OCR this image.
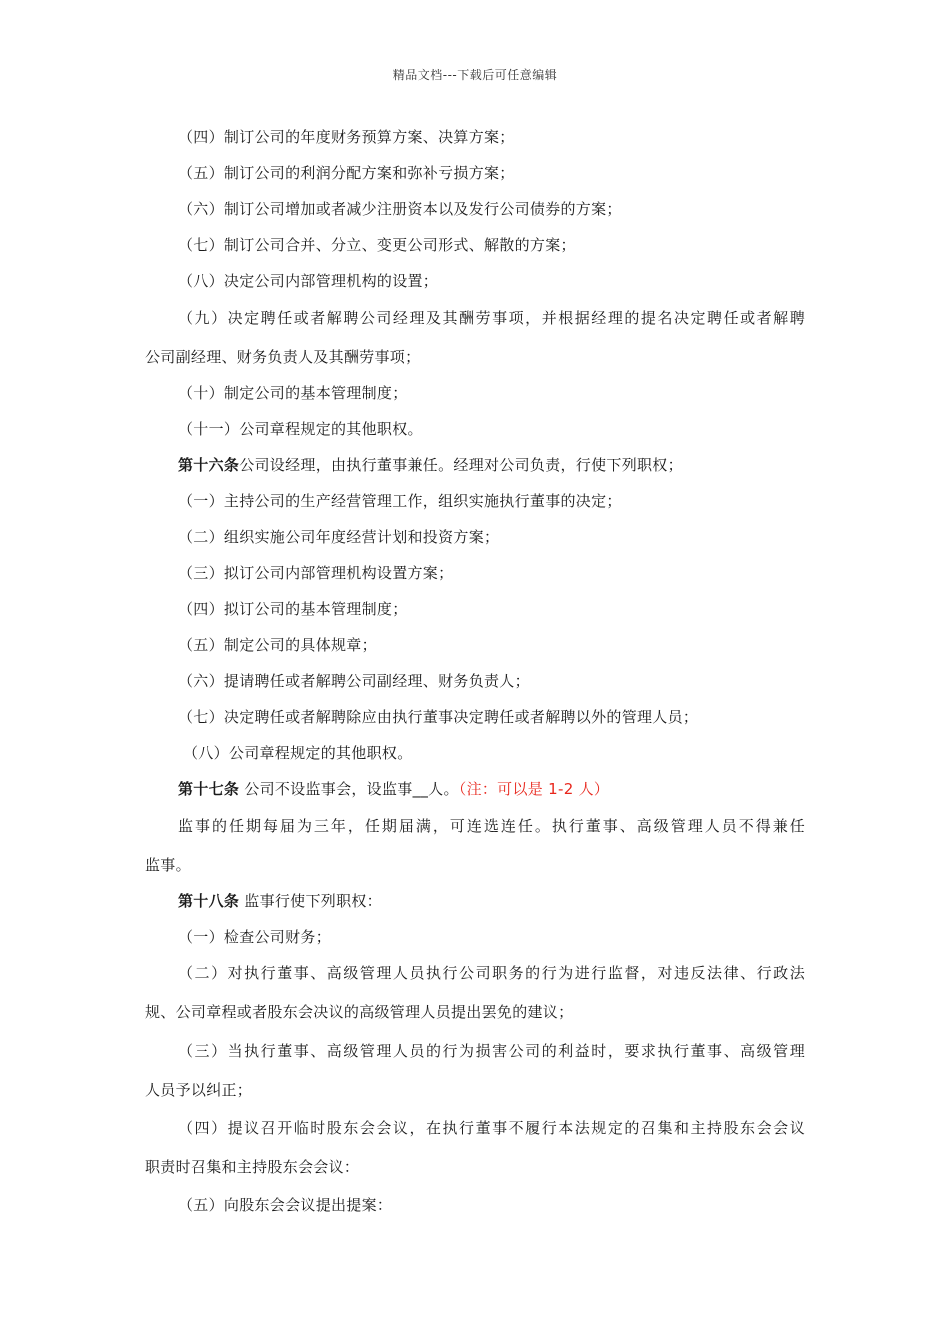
精品文档---下载后可任意编辑
（四）制订公司的年度财务预算方案、决算方案；
（五）制订公司的利润分配方案和弥补亏损方案；
（六）制订公司增加或者减少注册资本以及发行公司债券的方案；
（七）制订公司合并、分立、变更公司形式、解散的方案；
（八）决定公司内部管理机构的设置；
（九）决定聘任或者解聘公司经理及其酬劳事项，并根据经理的提名决定聘任或者解聘
公司副经理、财务负责人及其酬劳事项；
（十）制定公司的基本管理制度；
（十一）公司章程规定的其他职权。
第十六条公司设经理，由执行董事兼任。经理对公司负责，行使下列职权；
（一）主持公司的生产经营管理工作，组织实施执行董事的决定；
（二）组织实施公司年度经营计划和投资方案；
（三）拟订公司内部管理机构设置方案；
（四）拟订公司的基本管理制度；
（五）制定公司的具体规章；
（六）提请聘任或者解聘公司副经理、财务负责人；
（七）决定聘任或者解聘除应由执行董事决定聘任或者解聘以外的管理人员；
（八）公司章程规定的其他职权。
第十七条 公司不设监事会，设监事__人。（注：可以是 1-2 人）
监事的任期每届为三年，任期届满，可连选连任。执行董事、高级管理人员不得兼任
监事。
第十八条 监事行使下列职权：
（一）检查公司财务；
（二）对执行董事、高级管理人员执行公司职务的行为进行监督，对违反法律、行政法
规、公司章程或者股东会决议的高级管理人员提出罢免的建议；
（三）当执行董事、高级管理人员的行为损害公司的利益时，要求执行董事、高级管理
人员予以纠正；
（四）提议召开临时股东会会议，在执行董事不履行本法规定的召集和主持股东会会议
职责时召集和主持股东会会议：
（五）向股东会会议提出提案：
